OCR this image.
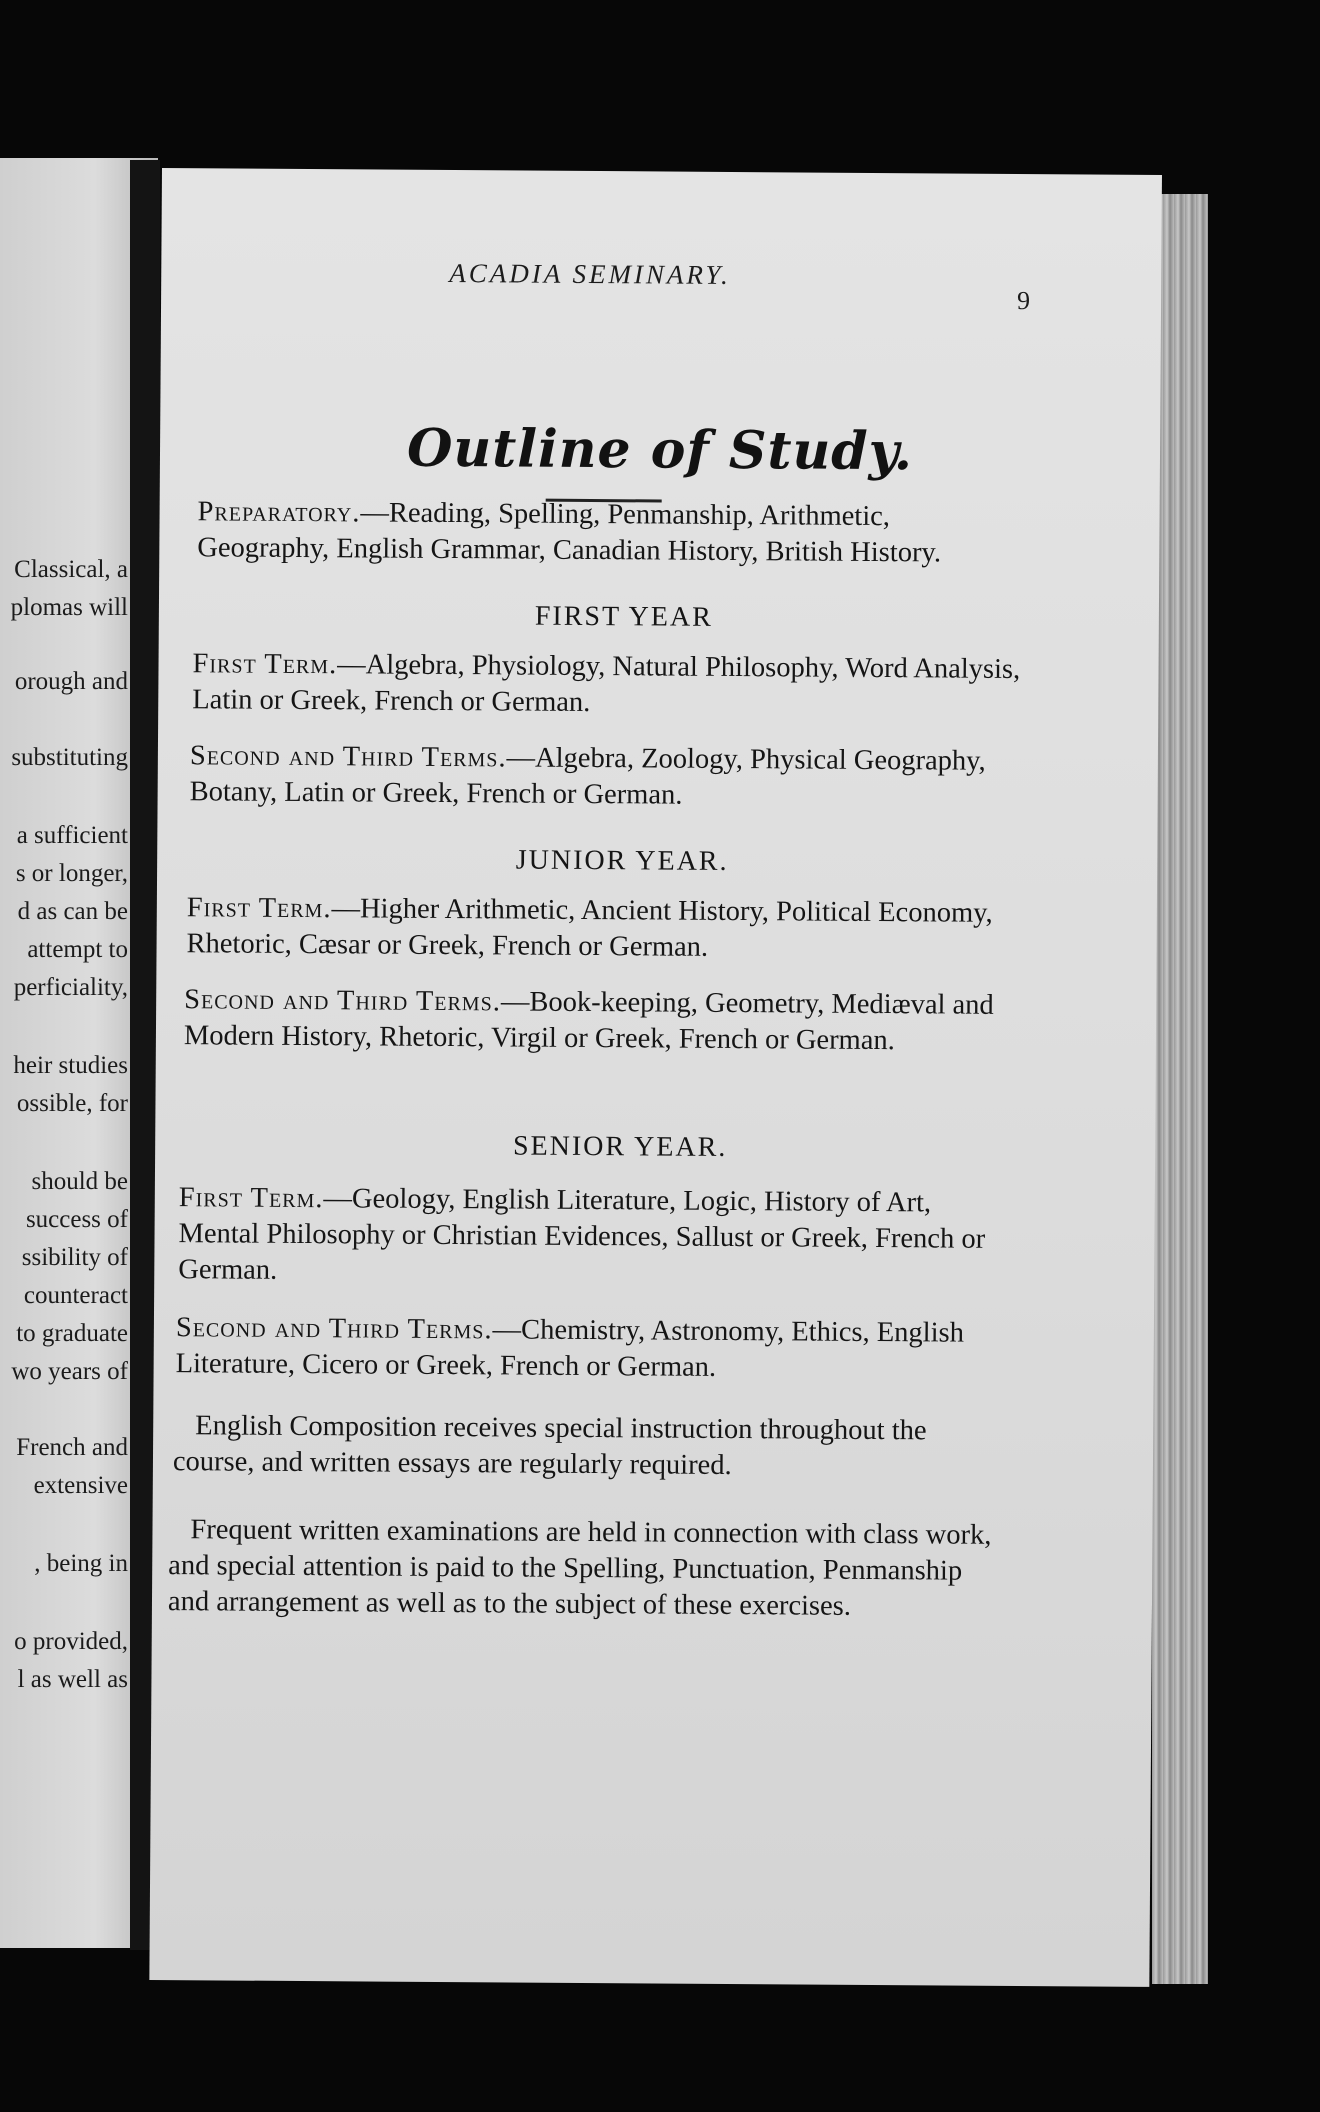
Classical, a
plomas will
orough and
substituting
a sufficient
s or longer,
d as can be
attempt to
perficiality,
heir studies
ossible, for
should be
success of
ssibility of
counteract
to graduate
wo years of
French and
extensive
, being in
o provided,
l as well as
ACADIA SEMINARY.
9
Outline of Study.
Preparatory.—Reading, Spelling, Penmanship, Arithmetic, Geography, English Grammar, Canadian History, British History.
FIRST YEAR
First Term.—Algebra, Physiology, Natural Philosophy, Word Analysis, Latin or Greek, French or German.
Second and Third Terms.—Algebra, Zoology, Physical Geography, Botany, Latin or Greek, French or German.
JUNIOR YEAR.
First Term.—Higher Arithmetic, Ancient History, Political Economy, Rhetoric, Cæsar or Greek, French or German.
Second and Third Terms.—Book-keeping, Geometry, Mediæval and Modern History, Rhetoric, Virgil or Greek, French or German.
SENIOR YEAR.
First Term.—Geology, English Literature, Logic, History of Art, Mental Philosophy or Christian Evidences, Sallust or Greek, French or German.
Second and Third Terms.—Chemistry, Astronomy, Ethics, English Literature, Cicero or Greek, French or German.
English Composition receives special instruction throughout the course, and written essays are regularly required.
Frequent written examinations are held in connection with class work, and special attention is paid to the Spelling, Punctuation, Penmanship and arrangement as well as to the subject of these exercises.
